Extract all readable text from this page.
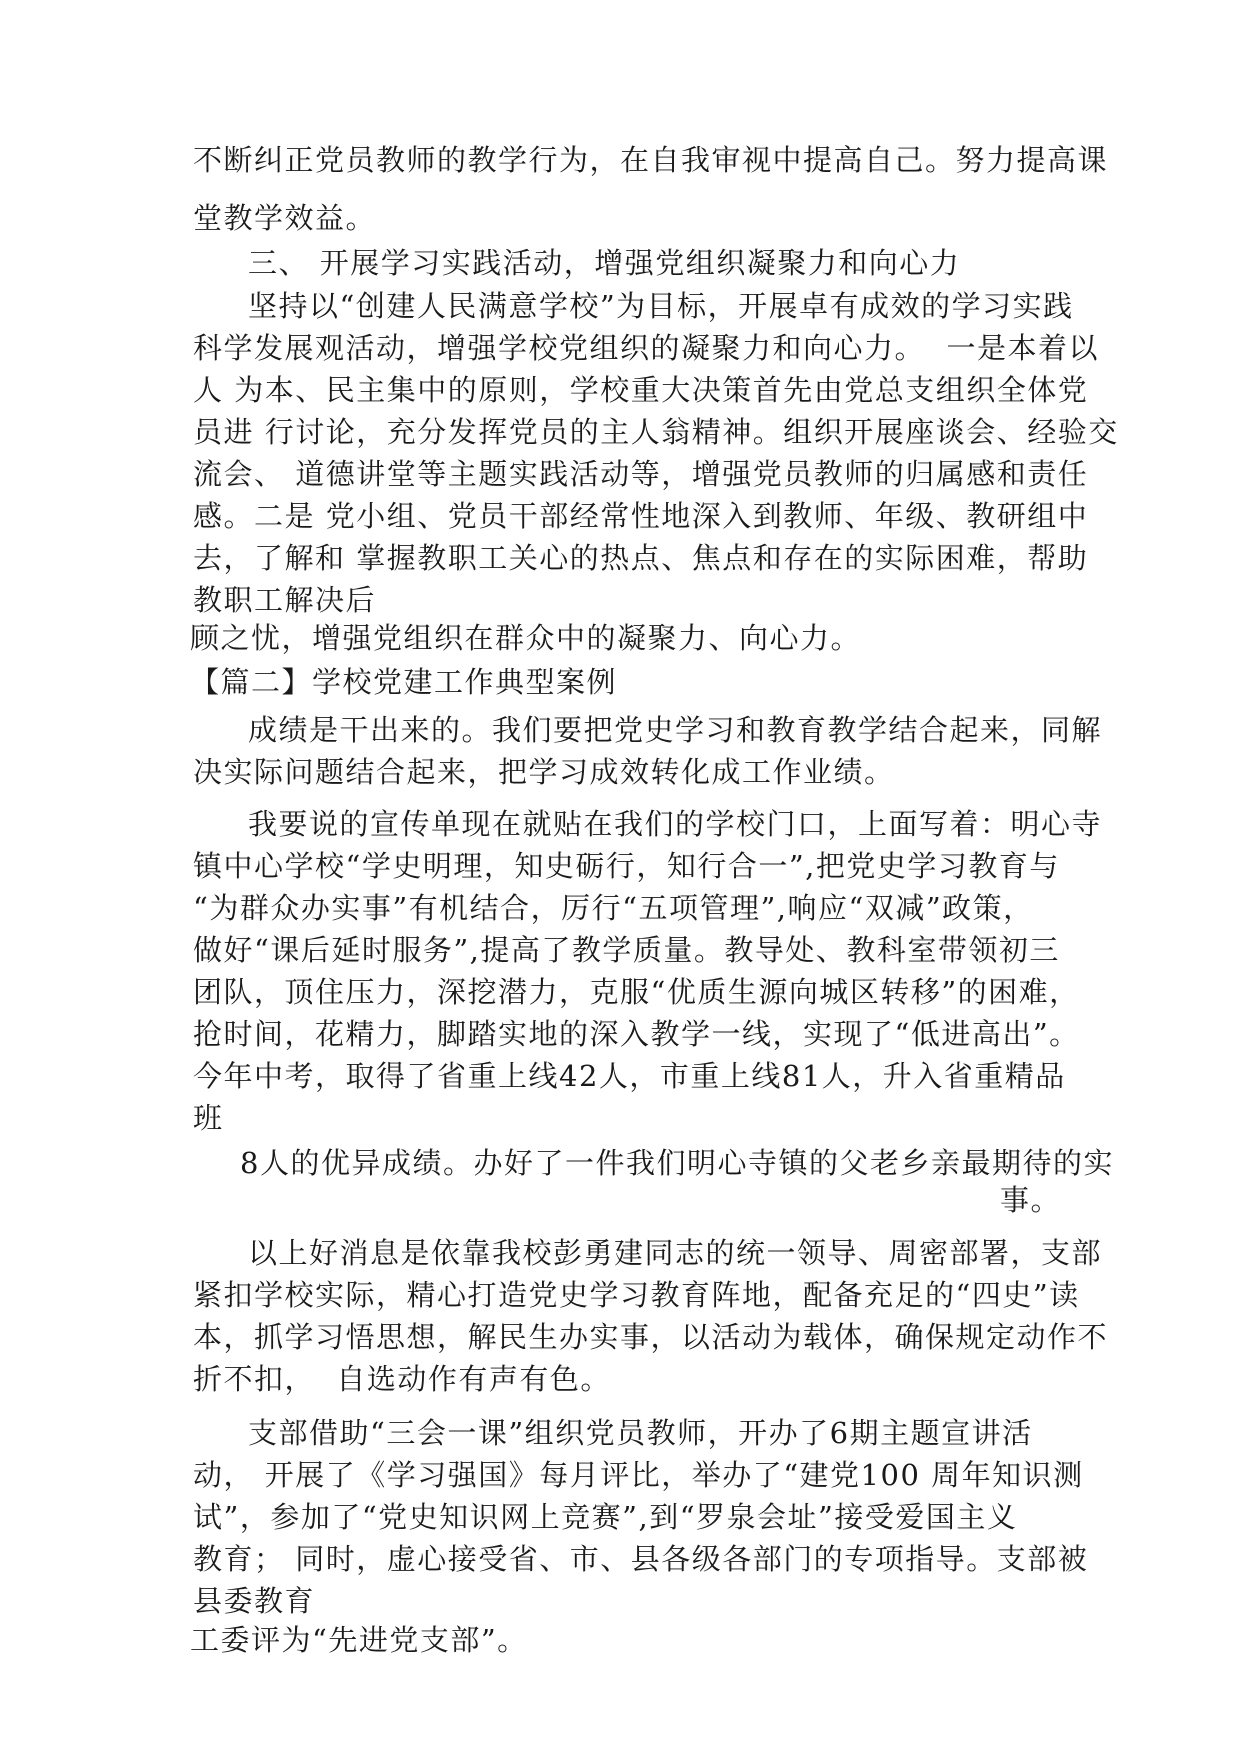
不断纠正党员教师的教学行为，在自我审视中提高自己。努力提高课
堂教学效益。
三、 开展学习实践活动，增强党组织凝聚力和向心力
坚持以“创建人民满意学校”为目标，开展卓有成效的学习实践
科学发展观活动，增强学校党组织的凝聚力和向心力。  一是本着以
人 为本、民主集中的原则，学校重大决策首先由党总支组织全体党
员进 行讨论，充分发挥党员的主人翁精神。组织开展座谈会、经验交
流会、 道德讲堂等主题实践活动等，增强党员教师的归属感和责任
感。二是 党小组、党员干部经常性地深入到教师、年级、教研组中
去，了解和 掌握教职工关心的热点、焦点和存在的实际困难，帮助
教职工解决后
顾之忧，增强党组织在群众中的凝聚力、向心力。
【篇二】学校党建工作典型案例
成绩是干出来的。我们要把党史学习和教育教学结合起来，同解
决实际问题结合起来，把学习成效转化成工作业绩。
我要说的宣传单现在就贴在我们的学校门口，上面写着：明心寺
镇中心学校“学史明理，知史砺行，知行合一”,把党史学习教育与
“为群众办实事”有机结合，厉行“五项管理”,响应“双减”政策，
做好“课后延时服务”,提高了教学质量。教导处、教科室带领初三
团队，顶住压力，深挖潜力，克服“优质生源向城区转移”的困难，
抢时间，花精力，脚踏实地的深入教学一线，实现了“低进高出”。
今年中考，取得了省重上线42人，市重上线81人，升入省重精品
班
8人的优异成绩。办好了一件我们明心寺镇的父老乡亲最期待的实
事。
以上好消息是依靠我校彭勇建同志的统一领导、周密部署，支部
紧扣学校实际，精心打造党史学习教育阵地，配备充足的“四史”读
本，抓学习悟思想，解民生办实事，以活动为载体，确保规定动作不
折不扣，  自选动作有声有色。
支部借助“三会一课”组织党员教师，开办了6期主题宣讲活
动， 开展了《学习强国》每月评比，举办了“建党100 周年知识测
试”，参加了“党史知识网上竞赛”,到“罗泉会址”接受爱国主义
教育； 同时，虚心接受省、市、县各级各部门的专项指导。支部被
县委教育
工委评为“先进党支部”。
